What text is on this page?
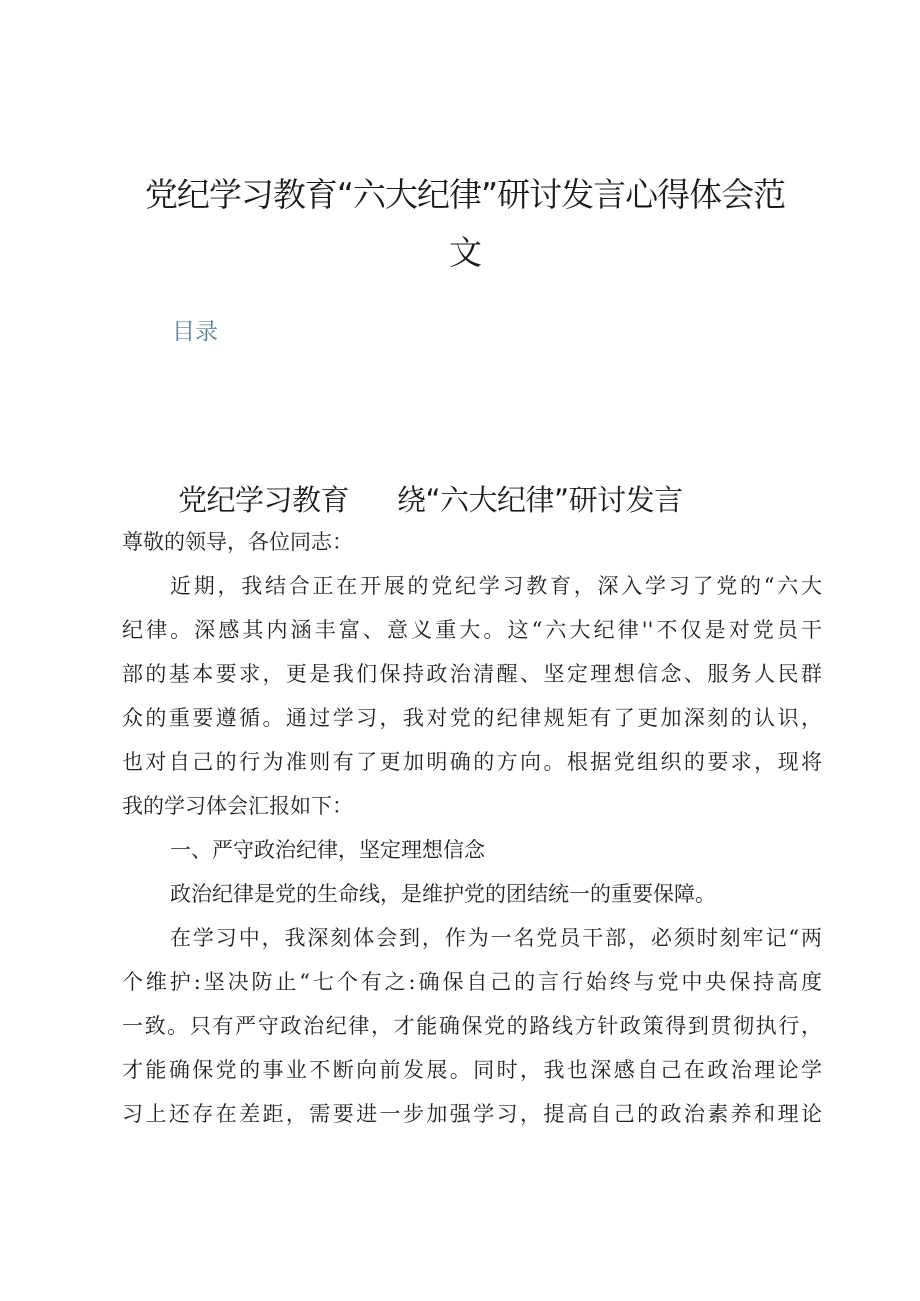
党纪学习教育“六大纪律”研讨发言心得体会范
文
目录
党纪学习教育 绕“六大纪律”研讨发言
尊敬的领导，各位同志：
近期，我结合正在开展的党纪学习教育，深入学习了党的“六大
纪律。深感其内涵丰富、意义重大。这“六大纪律''不仅是对党员干
部的基本要求，更是我们保持政治清醒、坚定理想信念、服务人民群
众的重要遵循。通过学习，我对党的纪律规矩有了更加深刻的认识，
也对自己的行为准则有了更加明确的方向。根据党组织的要求，现将
我的学习体会汇报如下：
一、严守政治纪律，坚定理想信念
政治纪律是党的生命线，是维护党的团结统一的重要保障。
在学习中，我深刻体会到，作为一名党员干部，必须时刻牢记“两
个维护:坚决防止“七个有之:确保自己的言行始终与党中央保持高度
一致。只有严守政治纪律，才能确保党的路线方针政策得到贯彻执行，
才能确保党的事业不断向前发展。同时，我也深感自己在政治理论学
习上还存在差距，需要进一步加强学习，提高自己的政治素养和理论
